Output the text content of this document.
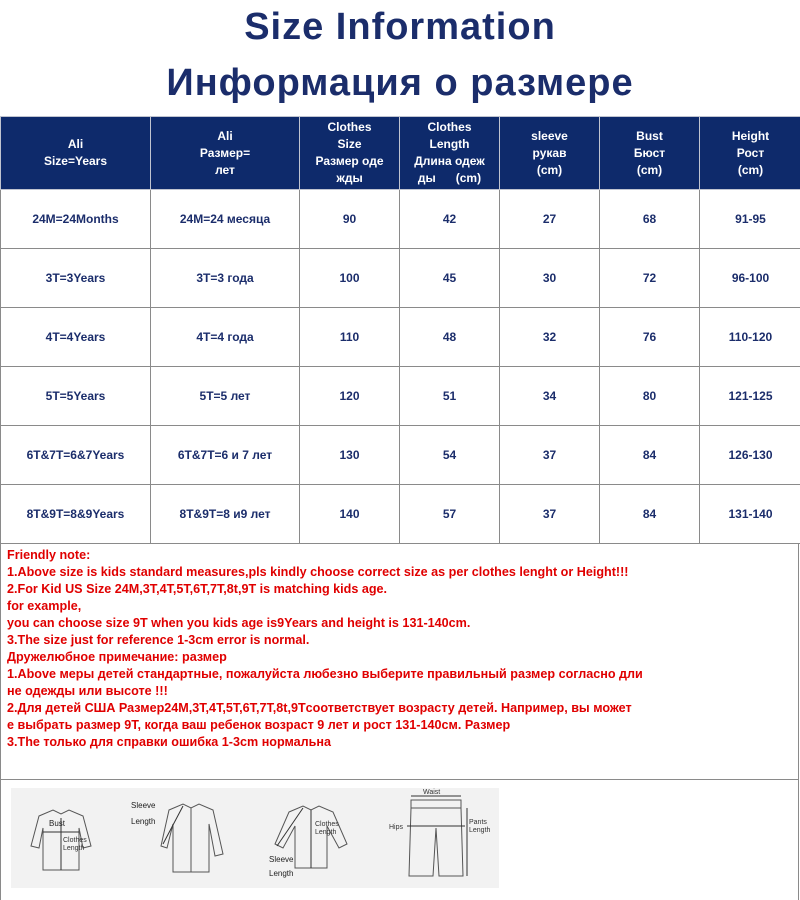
Size Information
Информация о размере
Ali
Size=Years	Ali
Размер=
лет	Clothes
Size
Размер оде
жды	Clothes
Length
Длина одеж
ды      (cm)	sleeve
рукав
(cm)	Bust
Бюст
(cm)	Height
Рост
(cm)

24M=24Months	24M=24 месяца	90	42	27	68	91-95
3T=3Years	3T=3 года	100	45	30	72	96-100
4T=4Years	4T=4 года	110	48	32	76	110-120
5T=5Years	5T=5 лет	120	51	34	80	121-125
6T&7T=6&7Years	6T&7T=6 и 7 лет	130	54	37	84	126-130
8T&9T=8&9Years	8T&9T=8 и9 лет	140	57	37	84	131-140
Friendly note:
1.Above size is kids standard measures,pls kindly choose correct size as per clothes lenght or Height!!!
2.For Kid US Size 24M,3T,4T,5T,6T,7T,8t,9T is matching kids age.
for example,
you can choose size 9T when you kids age is9Years and height is 131-140cm.
3.The size just for reference 1-3cm error is normal.
Дружелюбное примечание: размер
1.Above меры детей стандартные, пожалуйста любезно выберите правильный размер согласно дли
не одежды или высоте !!!
2.Для детей США Размер24M,3T,4T,5T,6T,7T,8t,9Tсоответствует возрасту детей. Например, вы может
е выбрать размер 9T, когда ваш ребенок возраст 9 лет и рост 131-140см. Размер
3.The только для справки ошибка 1-3cm нормальна
Bust
Clothes
Length
Sleeve
Length	Clothes
Length
Sleeve
Length
Waist
Hips
Pants
Length
